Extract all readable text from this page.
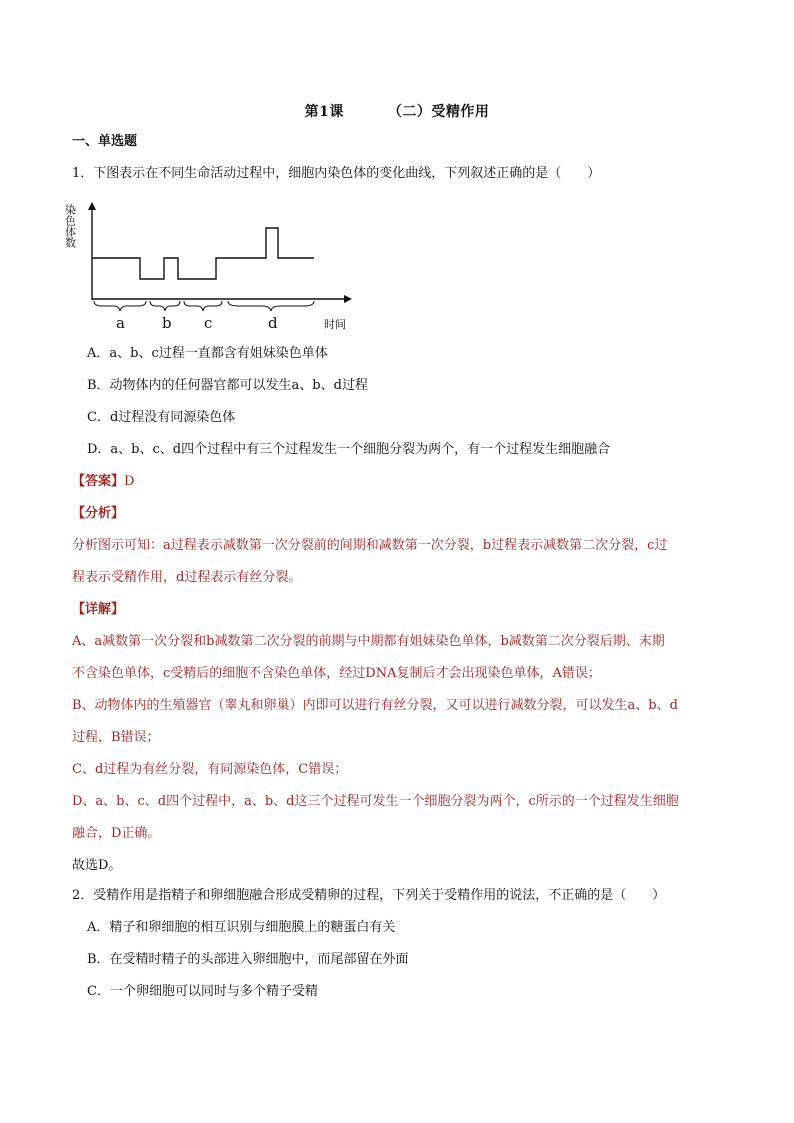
第1课	（二）受精作用
一、单选题
1．下图表示在不同生命活动过程中，细胞内染色体的变化曲线，下列叙述正确的是（　　）
染色体数
a b c	d	时间
A．a、b、c过程一直都含有姐妹染色单体
B．动物体内的任何器官都可以发生a、b、d过程
C．d过程没有同源染色体
D．a、b、c、d四个过程中有三个过程发生一个细胞分裂为两个，有一个过程发生细胞融合
【答案】D
【分析】
分析图示可知：a过程表示减数第一次分裂前的间期和减数第一次分裂，b过程表示减数第二次分裂，c过
程表示受精作用，d过程表示有丝分裂。
【详解】
A、a减数第一次分裂和b减数第二次分裂的前期与中期都有姐妹染色单体，b减数第二次分裂后期、末期
不含染色单体，c受精后的细胞不含染色单体，经过DNA复制后才会出现染色单体，A错误；
B、动物体内的生殖器官（睾丸和卵巢）内即可以进行有丝分裂，又可以进行减数分裂，可以发生a、b、d
过程，B错误；
C、d过程为有丝分裂，有同源染色体，C错误；
D、a、b、c、d四个过程中，a、b、d这三个过程可发生一个细胞分裂为两个，c所示的一个过程发生细胞
融合，D正确。
故选D。
2．受精作用是指精子和卵细胞融合形成受精卵的过程，下列关于受精作用的说法，不正确的是（　　）
A．精子和卵细胞的相互识别与细胞膜上的糖蛋白有关
B．在受精时精子的头部进入卵细胞中，而尾部留在外面
C．一个卵细胞可以同时与多个精子受精
